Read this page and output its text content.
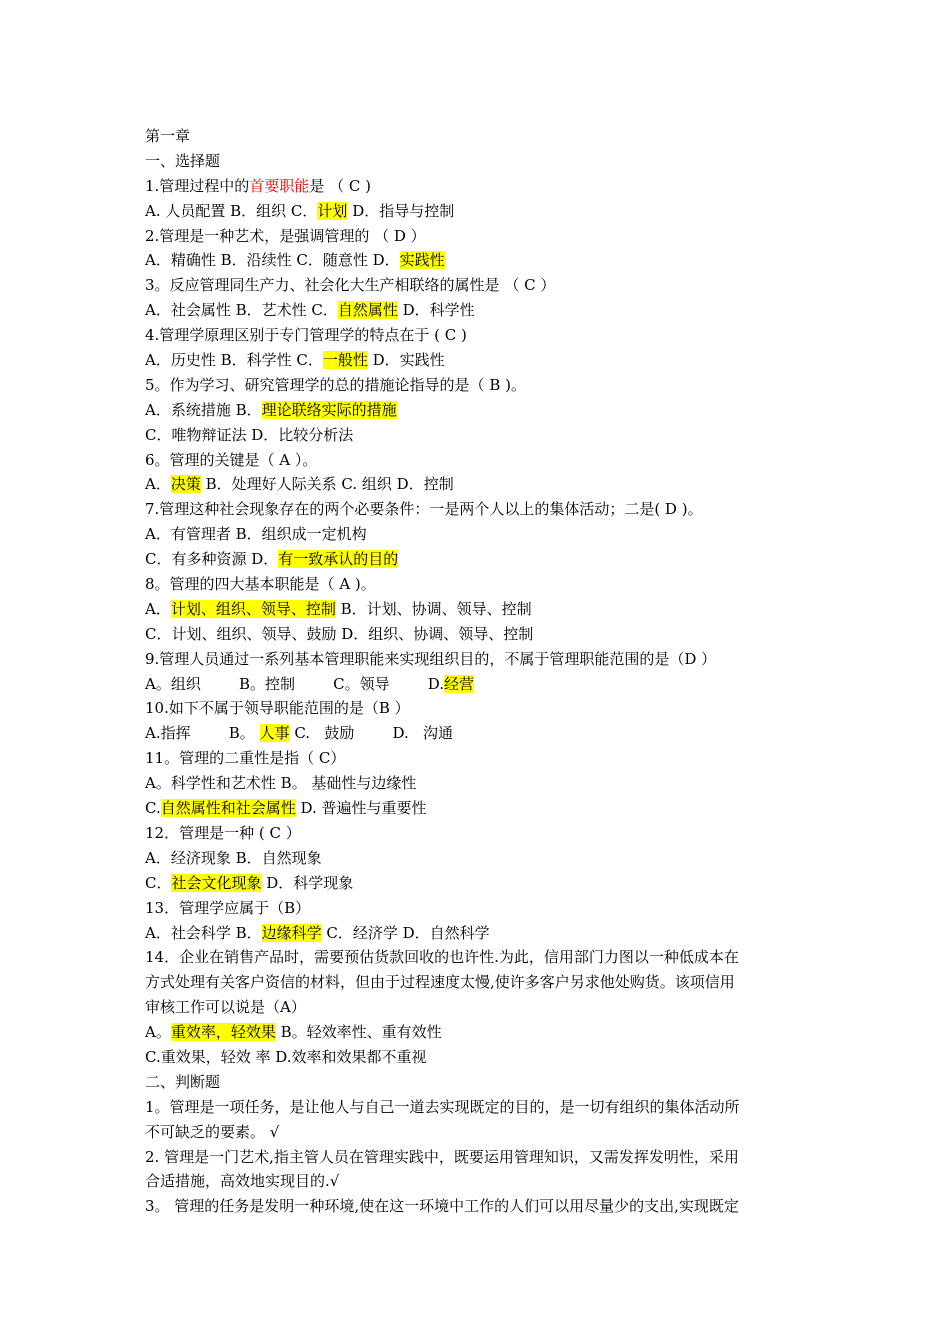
第一章
一、选择题
1.管理过程中的首要职能是 （ C )
A. 人员配置 B．组织 C．计划 D．指导与控制
2.管理是一种艺术，是强调管理的 （ D ）
A．精确性 B．沿续性 C．随意性 D．实践性
3。反应管理同生产力、社会化大生产相联络的属性是 （ C ）
A．社会属性 B．艺术性 C．自然属性 D．科学性
4.管理学原理区别于专门管理学的特点在于 ( C )
A．历史性 B．科学性 C．一般性 D．实践性
5。作为学习、研究管理学的总的措施论指导的是（ B )。
A．系统措施 B．理论联络实际的措施
C．唯物辩证法 D．比较分析法
6。管理的关键是（ A ）。
A．决策 B．处理好人际关系 C. 组织 D．控制
7.管理这种社会现象存在的两个必要条件：一是两个人以上的集体活动；二是( D )。
A．有管理者 B．组织成一定机构
C．有多种资源 D．有一致承认的目的
8。管理的四大基本职能是（ A )。
A．计划、组织、领导、控制 B．计划、协调、领导、控制
C．计划、组织、领导、鼓励 D．组织、协调、领导、控制
9.管理人员通过一系列基本管理职能来实现组织目的，不属于管理职能范围的是（D ）
A。组织        B。控制        C。领导        D.经营
10.如下不属于领导职能范围的是（B ）
A.指挥        B。 人事 C.   鼓励        D.   沟通
11。管理的二重性是指（ C）
A。科学性和艺术性 B。 基础性与边缘性
C.自然属性和社会属性 D. 普遍性与重要性
12．管理是一种 ( C ）
A．经济现象 B．自然现象
C．社会文化现象 D．科学现象
13．管理学应属于（B）
A．社会科学 B．边缘科学 C．经济学 D．自然科学
14．企业在销售产品时，需要预估货款回收的也许性.为此，信用部门力图以一种低成本在
方式处理有关客户资信的材料，但由于过程速度太慢,使许多客户另求他处购货。该项信用
审核工作可以说是（A）
A。重效率，轻效果 B。轻效率性、重有效性
C.重效果，轻效 率 D.效率和效果都不重视
二、判断题
1。管理是一项任务，是让他人与自己一道去实现既定的目的，是一切有组织的集体活动所
不可缺乏的要素。 √
2. 管理是一门艺术,指主管人员在管理实践中，既要运用管理知识，又需发挥发明性，采用
合适措施，高效地实现目的.√
3。 管理的任务是发明一种环境,使在这一环境中工作的人们可以用尽量少的支出,实现既定
